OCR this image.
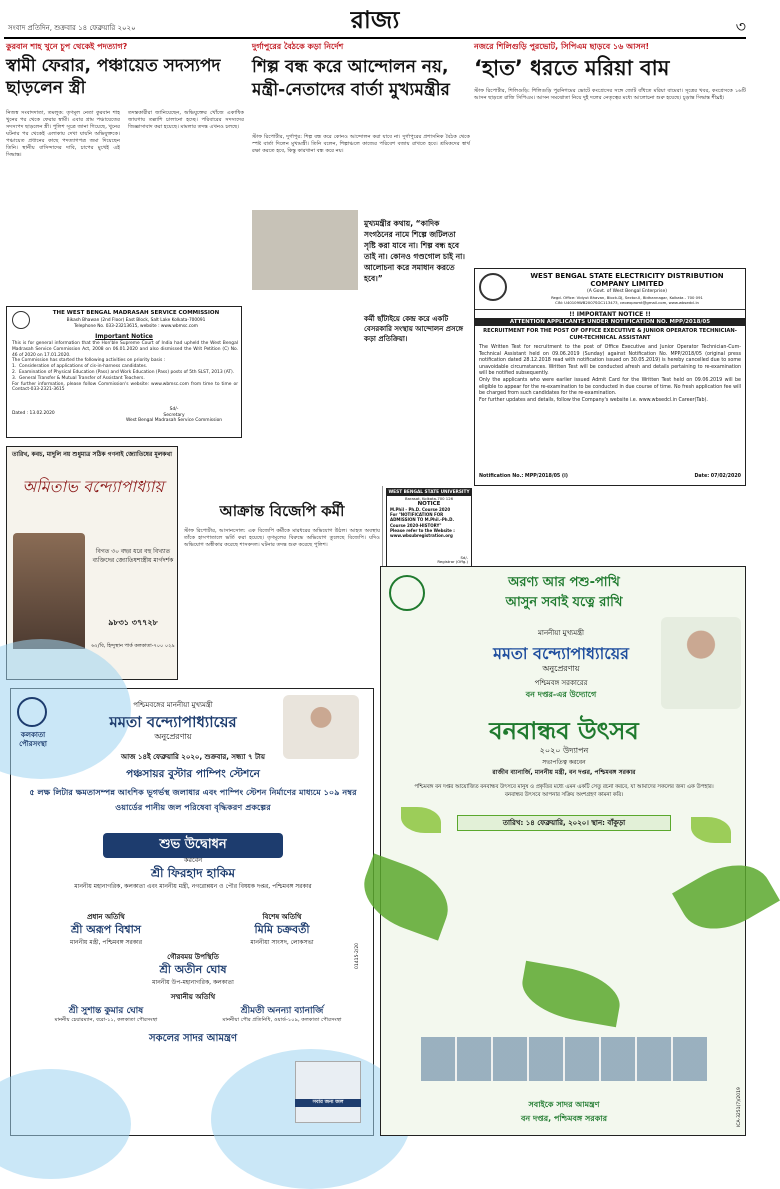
সংবাদ প্রতিদিন, শুক্রবার ১৪ ফেব্রুয়ারি ২০২০	রাজ্য	৩
কুরবান শাহ খুনে চুপ থেকেই পদত্যাগ?
স্বামী ফেরার, পঞ্চায়েত সদস্যপদ ছাড়লেন স্ত্রী
নিজস্ব সংবাদদাতা, তমলুক: তৃণমূল নেতা কুরবান শাহ খুনের পর থেকে ফেরার স্বামী। এবার গ্রাম পঞ্চায়েতের সদস্যপদ ছাড়লেন স্ত্রী। পুলিশ সূত্রে জানা গিয়েছে, খুনের ঘটনার পর থেকেই এলাকায় দেখা যায়নি অভিযুক্তকে। পঞ্চায়েত প্রধানের কাছে পদত্যাগপত্র জমা দিয়েছেন তিনি। স্থানীয় বাসিন্দাদের দাবি, চাপের মুখেই এই সিদ্ধান্ত।
তদন্তকারীরা জানিয়েছেন, অভিযুক্তের খোঁজে একাধিক জায়গায় তল্লাশি চালানো হচ্ছে। পরিবারের সদস্যদের জিজ্ঞাসাবাদ করা হয়েছে। মামলার তদন্ত এখনও চলছে।
THE WEST BENGAL MADRASAH SERVICE COMMISSION
Bikash Bhawan (2nd Floor) East Block, Salt Lake Kolkata-700091
Telephone No. 033-23213615, website : www.wbmsc.com
Important Notice
This is for general information that the Hon'ble Supreme Court of India had upheld the West Bengal Madrasah Service Commission Act, 2008 on 06.01.2020 and also dismissed the Writ Petition (C) No. 46 of 2020 on 17.01.2020.
The Commission has started the following activities on priority basis :
1.  Consideration of applications of cis-in-harness candidates.
2.  Examination of Physical Education (Pass) and Work Education (Pass) posts of 5th SLST, 2013 (AT).
3.  General Transfer & Mutual Transfer of Assistant Teachers.
For further information, please follow Commission's website: www.wbmsc.com from time to time or Contact-033-2321-3615
Sd/-
Secretary
West Bengal Madrasah Service Commission
Dated : 13.02.2020
তারিখ, কবচ, মাদুলি নয় শুধুমাত্র সঠিক গণনাই জ্যোতিষের মূলকথা
অমিতাভ বন্দ্যোপাধ্যায়
বিগত ৩০ বছর ধরে বহু বিখ্যাত ব্যক্তিদের জ্যোতিষশাস্ত্রীয় মার্গদর্শক
৯৮৩১ ৩৭৭২৮
৬২/বি, হিন্দুস্থান পার্ক কলকাতা-৭০০ ০২৯
দুর্গাপুরের বৈঠকে কড়া নির্দেশ
শিল্প বন্ধ করে আন্দোলন নয়, মন্ত্রী-নেতাদের বার্তা মুখ্যমন্ত্রীর
স্টাফ রিপোর্টার, দুর্গাপুর: শিল্প বন্ধ করে কোনও আন্দোলন করা যাবে না। দুর্গাপুরের প্রশাসনিক বৈঠক থেকে স্পষ্ট বার্তা দিলেন মুখ্যমন্ত্রী। তিনি বলেন, শিল্পাঞ্চলে কাজের পরিবেশ বজায় রাখতে হবে। শ্রমিকদের স্বার্থ রক্ষা করতে হবে, কিন্তু কারখানা বন্ধ করে নয়।
মুখ্যমন্ত্রীর কথায়, “কাদিক সংগঠনের নামে শিল্পে জটিলতা সৃষ্টি করা যাবে না। শিল্প বন্ধ হবে তাই না। কোনও গণ্ডগোল চাই না। আলোচনা করে সমাধান করতে হবে।”
কর্মী ছাঁটাইয়ে কেন্দ্র করে একটি বেসরকারি সংস্থায় আন্দোলন প্রসঙ্গে কড়া প্রতিক্রিয়া।
নজরে শিলিগুড়ি পুরভোট, সিপিএম ছাড়বে ১৬ আসন!
‘হাত’ ধরতে মরিয়া বাম
স্টাফ রিপোর্টার, শিলিগুড়ি: শিলিগুড়ি পুরনিগমের ভোটে কংগ্রেসের সঙ্গে জোট বাঁধতে মরিয়া বামেরা। সূত্রের খবর, কংগ্রেসকে ১৬টি আসন ছাড়তে রাজি সিপিএম। আসন সমঝোতা নিয়ে দুই দলের নেতৃত্বের মধ্যে আলোচনা শুরু হয়েছে। চূড়ান্ত সিদ্ধান্ত শীঘ্রই।
WEST BENGAL STATE ELECTRICITY DISTRIBUTION COMPANY LIMITED
(A Govt. of West Bengal Enterprise)
Regd. Office: Vidyut Bhavan, Block-DJ, Sector-II, Bidhannagar, Kolkata - 700 091
CIN: U40109WB2007SGC113473, ceoexpromt@gmail.com, www.wbsedcl.in
!! IMPORTANT NOTICE !!
ATTENTION APPLICANTS UNDER NOTIFICATION NO. MPP/2018/05
RECRUITMENT FOR THE POST OF OFFICE EXECUTIVE & JUNIOR OPERATOR TECHNICIAN-CUM-TECHNICAL ASSISTANT
The Written Test for recruitment to the post of Office Executive and Junior Operator Technician-Cum-Technical Assistant held on 09.06.2019 (Sunday) against Notification No. MPP/2018/05 (original press notification dated 28.12.2018 read with notification issued on 30.05.2019) is hereby cancelled due to some unavoidable circumstances. Written Test will be conducted afresh and details pertaining to re-examination will be notified subsequently.
Only the applicants who were earlier issued Admit Card for the Written Test held on 09.06.2019 will be eligible to appear for the re-examination to be conducted in due course of time. No fresh application fee will be charged from such candidates for the re-examination.
For further updates and details, follow the Company's website i.e. www.wbsedcl.in Career(Tab).
Notification No.: MPP/2018/05 (i)	Date: 07/02/2020
আক্রান্ত বিজেপি কর্মী
স্টাফ রিপোর্টার, আসানসোল: এক বিজেপি কর্মীকে মারধরের অভিযোগ উঠল। আহত অবস্থায় তাঁকে হাসপাতালে ভর্তি করা হয়েছে। তৃণমূলের বিরুদ্ধে অভিযোগ তুলেছে বিজেপি। যদিও অভিযোগ অস্বীকার করেছে শাসকদল। ঘটনার তদন্ত শুরু করেছে পুলিশ।
WEST BENGAL STATE UNIVERSITY
Barasat, Kolkata-700 126
NOTICE
M.Phil - Ph.D. Course 2020
For "NOTIFICATION FOR ADMISSION TO M.Phil.-Ph.D. Course 2020-HISTORY"
Please refer to the Website : www.wbsubregistration.org
Sd/-
Registrar (Offg.)
কলকাতা পৌরসংস্থা
পশ্চিমবঙ্গের মাননীয়া মুখ্যমন্ত্রী
মমতা বন্দ্যোপাধ্যায়ের
অনুপ্রেরণায়
আজ ১৪ই ফেব্রুয়ারি ২০২০, শুক্রবার, সন্ধ্যা ৭ টায়
পঞ্চসায়র বুস্টার পাম্পিং স্টেশনে
৫ লক্ষ লিটার ক্ষমতাসম্পন্ন আংশিক ভূগর্ভস্থ জলাধার এবং পাম্পিং স্টেশন নির্মাণের মাধ্যমে ১০৯ নম্বর ওয়ার্ডের পানীয় জল পরিষেবা বৃদ্ধিকরণ প্রকল্পের
শুভ উদ্বোধন
করবেন
শ্রী ফিরহাদ হাকিম
মাননীয় মহানাগরিক, কলকাতা এবং মাননীয় মন্ত্রী, নগরোন্নয়ন ও পৌর বিষয়ক দপ্তর, পশ্চিমবঙ্গ সরকার
প্রধান অতিথি
শ্রী অরূপ বিশ্বাস
মাননীয় মন্ত্রী, পশ্চিমবঙ্গ সরকার
বিশেষ অতিথি
মিমি চক্রবর্তী
মাননীয়া সাংসদ, লোকসভা
গৌরবময় উপস্থিতি
শ্রী অতীন ঘোষ
মাননীয় উপ-মহানাগরিক, কলকাতা
সম্মানীয় অতিথি
শ্রী সুশান্ত কুমার ঘোষ
মাননীয় চেয়ারম্যান, বরো-১১, কলকাতা পৌরসংস্থা
শ্রীমতী অনন্যা ব্যানার্জি
মাননীয়া পৌর প্রতিনিধি, ওয়ার্ড-১০৯, কলকাতা পৌরসংস্থা
সকলের সাদর আমন্ত্রণ
সবার জন্য জল
01415-2/20
অরণ্য আর পশু-পাখি
আসুন সবাই যত্নে রাখি
মাননীয়া মুখ্যমন্ত্রী
মমতা বন্দ্যোপাধ্যায়ের
অনুপ্রেরণায়
পশ্চিমবঙ্গ সরকারের
বন দপ্তর-এর উদ্যোগে
বনবান্ধব উৎসব
২০২০ উদ্যাপন
সভাপতিত্ব করবেন
রাজীব ব্যানার্জি, মাননীয় মন্ত্রী, বন দপ্তর, পশ্চিমবঙ্গ সরকার
পশ্চিমবঙ্গ বন দপ্তর আয়োজিত বনবান্ধব উৎসবে মানুষ ও প্রকৃতির মধ্যে এমন একটি সেতু রচনা করবে, যা আমাদের সকলের জন্য এক উপহার। বনবান্ধব উৎসবে আপনার সক্রিয় অংশগ্রহণ কামনা করি।
তারিখ: ১৪ ফেব্রুয়ারি, ২০২০। স্থান: বাঁকুড়া
সবাইকে সাদর আমন্ত্রণ
বন দপ্তর, পশ্চিমবঙ্গ সরকার	ICA-3251(7)/2019
